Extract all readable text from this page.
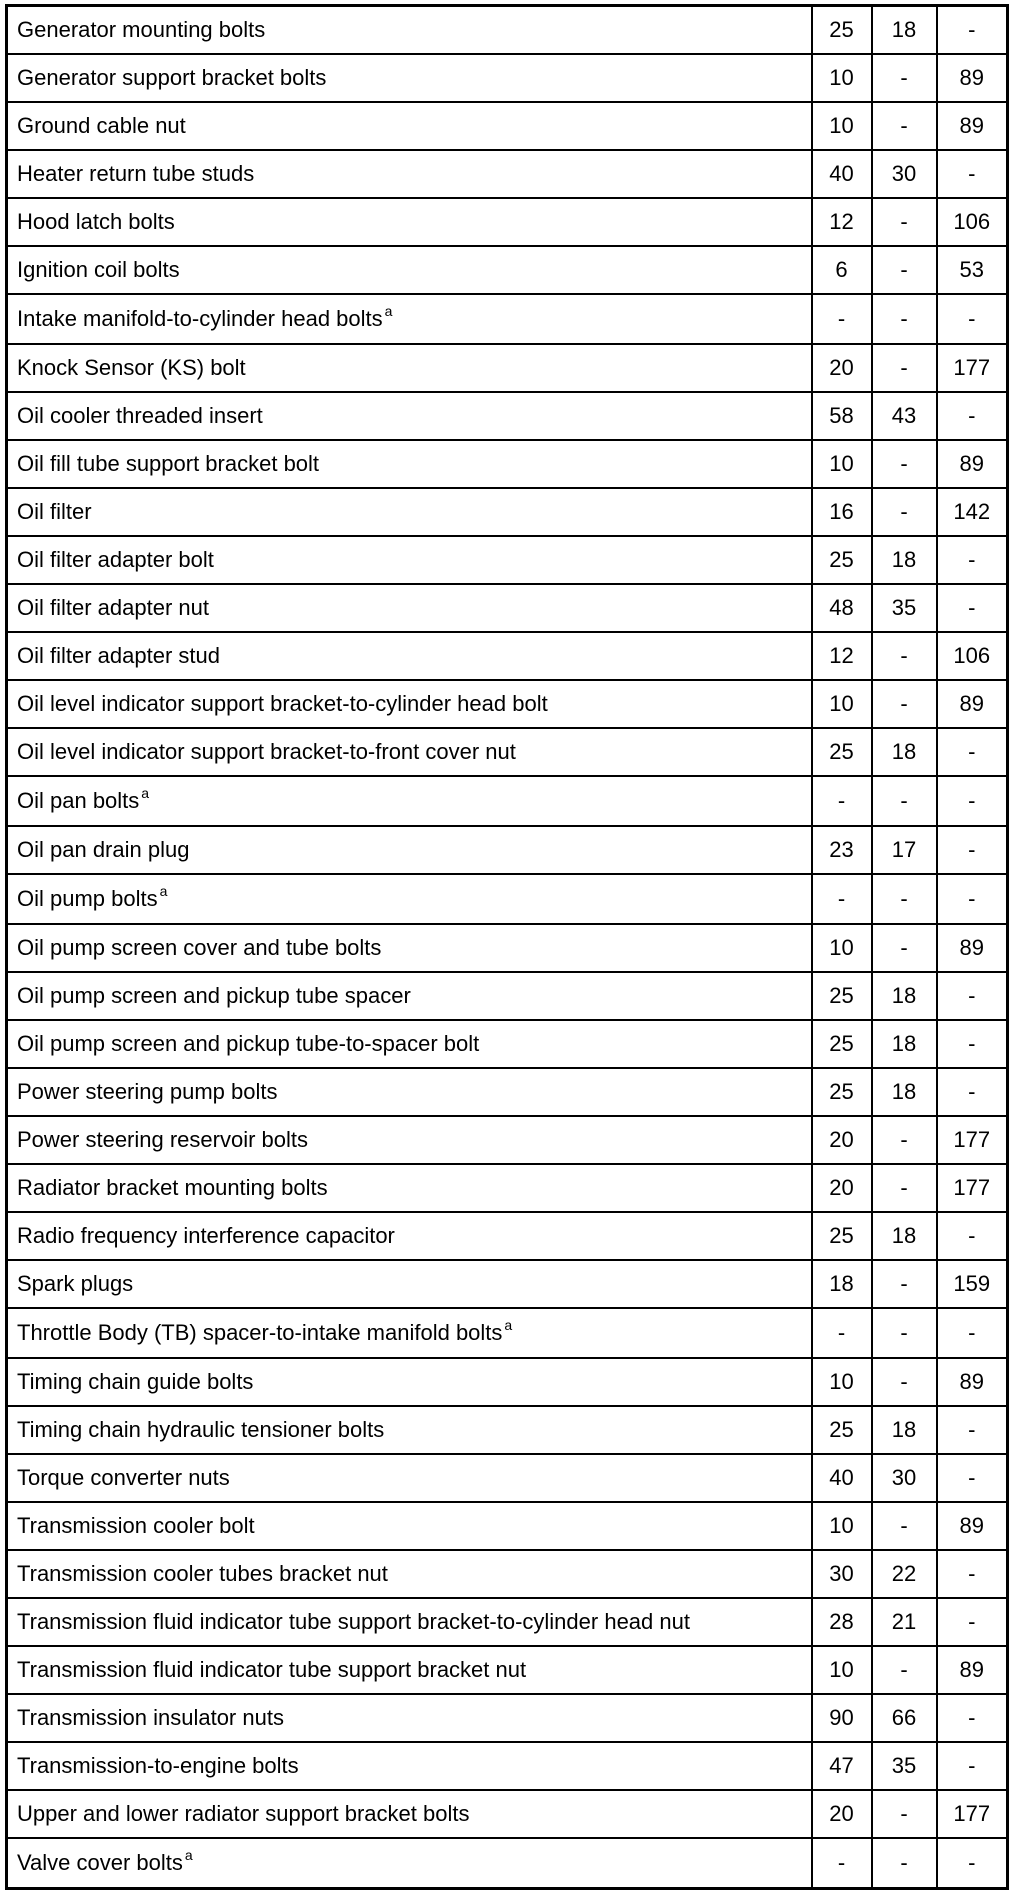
Generator mounting bolts	25	18	-
Generator support bracket bolts	10	-	89
Ground cable nut	10	-	89
Heater return tube studs	40	30	-
Hood latch bolts	12	-	106
Ignition coil bolts	6	-	53
Intake manifold-to-cylinder head bolts $^a$	-	-	-
Knock Sensor (KS) bolt	20	-	177
Oil cooler threaded insert	58	43	-
Oil fill tube support bracket bolt	10	-	89
Oil filter	16	-	142
Oil filter adapter bolt	25	18	-
Oil filter adapter nut	48	35	-
Oil filter adapter stud	12	-	106
Oil level indicator support bracket-to-cylinder head bolt	10	-	89
Oil level indicator support bracket-to-front cover nut	25	18	-
Oil pan bolts $^a$	-	-	-
Oil pan drain plug	23	17	-
Oil pump bolts $^a$	-	-	-
Oil pump screen cover and tube bolts	10	-	89
Oil pump screen and pickup tube spacer	25	18	-
Oil pump screen and pickup tube-to-spacer bolt	25	18	-
Power steering pump bolts	25	18	-
Power steering reservoir bolts	20	-	177
Radiator bracket mounting bolts	20	-	177
Radio frequency interference capacitor	25	18	-
Spark plugs	18	-	159
Throttle Body (TB) spacer-to-intake manifold bolts $^a$	-	-	-
Timing chain guide bolts	10	-	89
Timing chain hydraulic tensioner bolts	25	18	-
Torque converter nuts	40	30	-
Transmission cooler bolt	10	-	89
Transmission cooler tubes bracket nut	30	22	-
Transmission fluid indicator tube support bracket-to-cylinder head nut	28	21	-
Transmission fluid indicator tube support bracket nut	10	-	89
Transmission insulator nuts	90	66	-
Transmission-to-engine bolts	47	35	-
Upper and lower radiator support bracket bolts	20	-	177
Valve cover bolts $^a$	-	-	-
